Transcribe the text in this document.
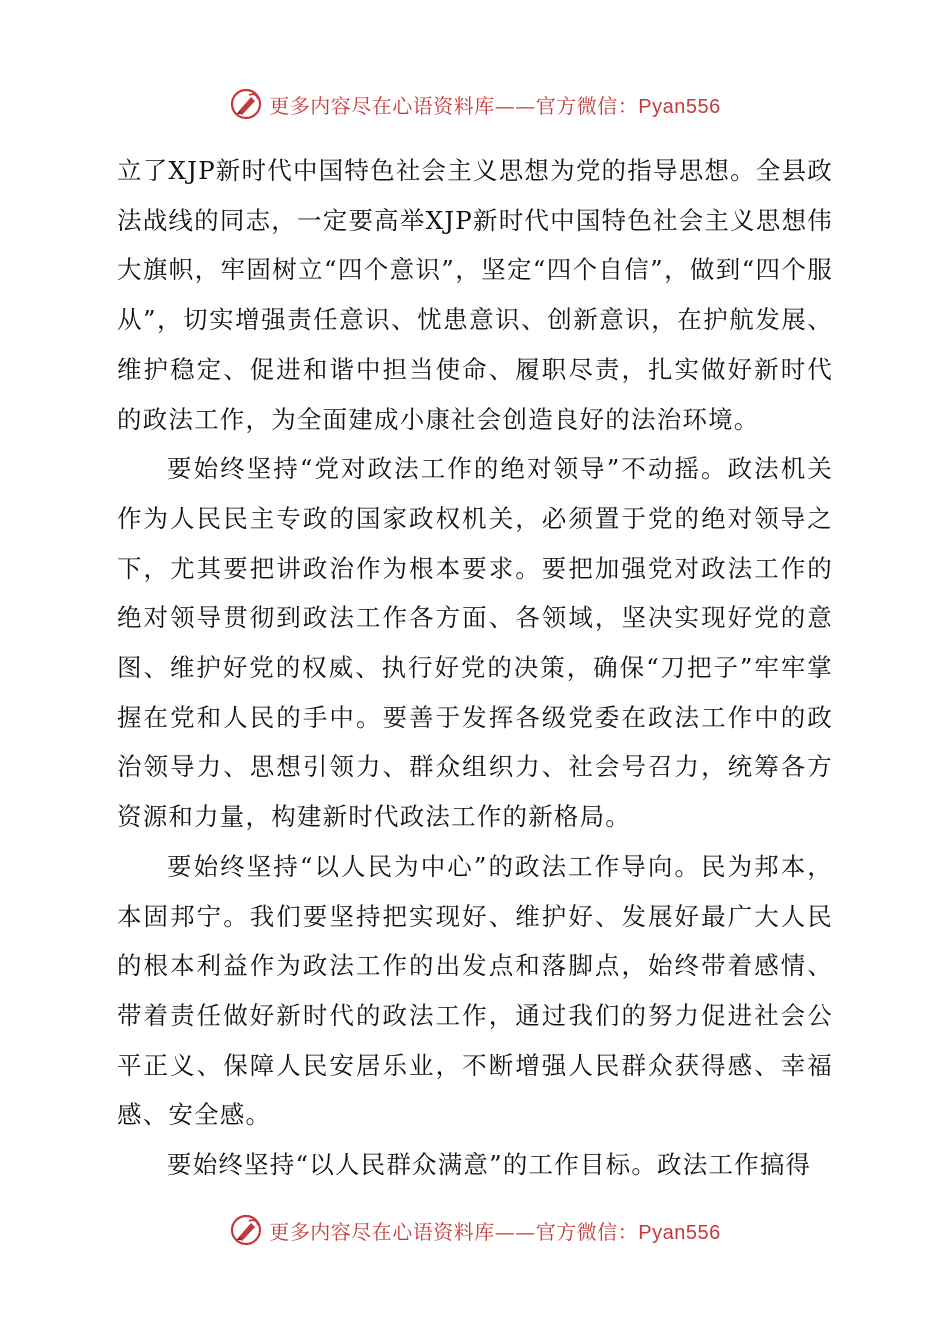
更多内容尽在心语资料库——官方微信：Pyan556

立了XJP新时代中国特色社会主义思想为党的指导思想。全县政法战线的同志，一定要高举XJP新时代中国特色社会主义思想伟大旗帜，牢固树立“四个意识”，坚定“四个自信”，做到“四个服从”，切实增强责任意识、忧患意识、创新意识，在护航发展、维护稳定、促进和谐中担当使命、履职尽责，扎实做好新时代的政法工作，为全面建成小康社会创造良好的法治环境。

要始终坚持“党对政法工作的绝对领导”不动摇。政法机关作为人民民主专政的国家政权机关，必须置于党的绝对领导之下，尤其要把讲政治作为根本要求。要把加强党对政法工作的绝对领导贯彻到政法工作各方面、各领域，坚决实现好党的意图、维护好党的权威、执行好党的决策，确保“刀把子”牢牢掌握在党和人民的手中。要善于发挥各级党委在政法工作中的政治领导力、思想引领力、群众组织力、社会号召力，统筹各方资源和力量，构建新时代政法工作的新格局。

要始终坚持“以人民为中心”的政法工作导向。民为邦本，本固邦宁。我们要坚持把实现好、维护好、发展好最广大人民的根本利益作为政法工作的出发点和落脚点，始终带着感情、带着责任做好新时代的政法工作，通过我们的努力促进社会公平正义、保障人民安居乐业，不断增强人民群众获得感、幸福感、安全感。

要始终坚持“以人民群众满意”的工作目标。政法工作搞得

更多内容尽在心语资料库——官方微信：Pyan556
